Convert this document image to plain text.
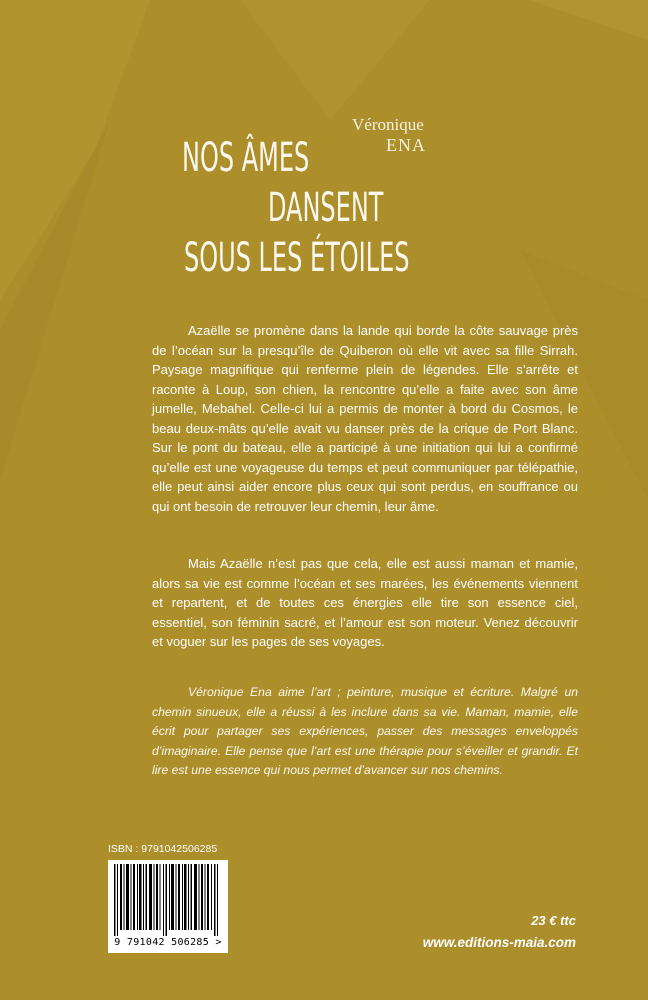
Véronique
ENA
NOS ÂMES
DANSENT
SOUS LES ÉTOILES

Azaëlle se promène dans la lande qui borde la côte sauvage près de l’océan sur la presqu’île de Quiberon où elle vit avec sa fille Sirrah. Paysage magnifique qui renferme plein de légendes. Elle s’arrête et raconte à Loup, son chien, la rencontre qu’elle a faite avec son âme jumelle, Mebahel. Celle-ci lui a permis de monter à bord du Cosmos, le beau deux-mâts qu’elle avait vu danser près de la crique de Port Blanc. Sur le pont du bateau, elle a participé à une initiation qui lui a confirmé qu’elle est une voyageuse du temps et peut communiquer par télépathie, elle peut ainsi aider encore plus ceux qui sont perdus, en souffrance ou qui ont besoin de retrouver leur chemin, leur âme.

Mais Azaëlle n’est pas que cela, elle est aussi maman et mamie, alors sa vie est comme l’océan et ses marées, les événements viennent et repartent, et de toutes ces énergies elle tire son essence ciel, essentiel, son féminin sacré, et l’amour est son moteur. Venez découvrir et voguer sur les pages de ses voyages.

Véronique Ena aime l’art ; peinture, musique et écriture. Malgré un chemin sinueux, elle a réussi à les inclure dans sa vie. Maman, mamie, elle écrit pour partager ses expériences, passer des messages enveloppés d’imaginaire. Elle pense que l’art est une thérapie pour s’éveiller et grandir. Et lire est une essence qui nous permet d’avancer sur nos chemins.

ISBN : 9791042506285
9 791042 506285 >
23 € ttc
www.editions-maia.com
